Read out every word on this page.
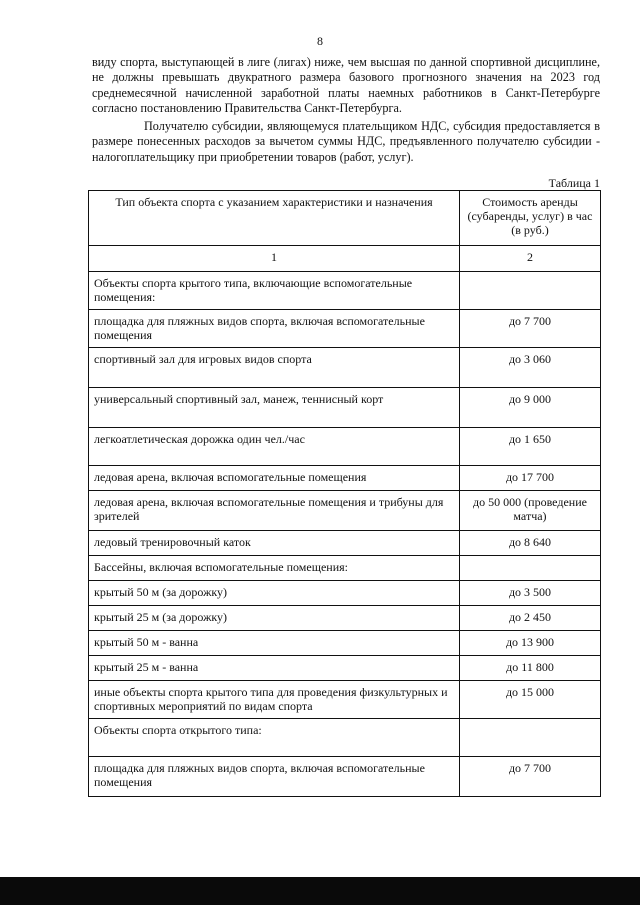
8
виду спорта, выступающей в лиге (лигах) ниже, чем высшая по данной спортивной дисциплине, не должны превышать двукратного размера базового прогнозного значения на 2023 год среднемесячной начисленной заработной платы наемных работников в Санкт-Петербурге согласно постановлению Правительства Санкт-Петербурга.
Получателю субсидии, являющемуся плательщиком НДС, субсидия предоставляется в размере понесенных расходов за вычетом суммы НДС, предъявленного получателю субсидии - налогоплательщику при приобретении товаров (работ, услуг).
Таблица 1
Тип объекта спорта с указанием характеристики и назначения	Стоимость аренды (субаренды, услуг) в час (в руб.)
1	2
Объекты спорта крытого типа, включающие вспомогательные помещения:	
площадка для пляжных видов спорта, включая вспомогательные помещения	до 7 700
спортивный зал для игровых видов спорта	до 3 060
универсальный спортивный зал, манеж, теннисный корт	до 9 000
легкоатлетическая дорожка один чел./час	до 1 650
ледовая арена, включая вспомогательные помещения	до 17 700
ледовая арена, включая вспомогательные помещения и трибуны для зрителей	до 50 000 (проведение матча)
ледовый тренировочный каток	до 8 640
Бассейны, включая вспомогательные помещения:	
крытый 50 м (за дорожку)	до 3 500
крытый 25 м (за дорожку)	до 2 450
крытый 50 м - ванна	до 13 900
крытый 25 м - ванна	до 11 800
иные объекты спорта крытого типа для проведения физкультурных и спортивных мероприятий по видам спорта	до 15 000
Объекты спорта открытого типа:	
площадка для пляжных видов спорта, включая вспомогательные помещения	до 7 700
